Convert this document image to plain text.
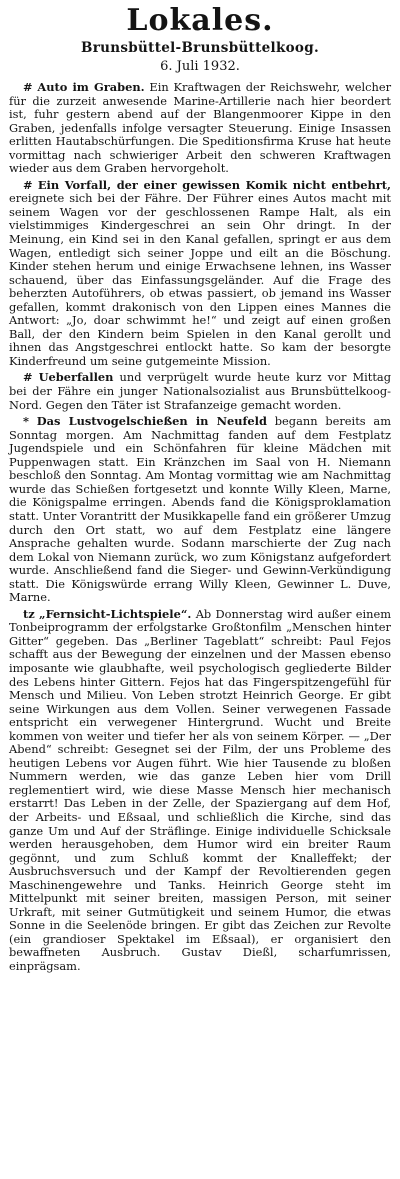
Lokales.
Brunsbüttel-Brunsbüttelkoog.
6. Juli 1932.

# Auto im Graben. Ein Kraftwagen der Reichswehr, welcher für die zurzeit anwesende Marine-Artillerie nach hier beordert ist, fuhr gestern abend auf der Blangenmoorer Kippe in den Graben, jedenfalls infolge versagter Steuerung. Einige Insassen erlitten Hautabschürfungen. Die Speditionsfirma Kruse hat heute vormittag nach schwieriger Arbeit den schweren Kraftwagen wieder aus dem Graben hervorgeholt.

# Ein Vorfall, der einer gewissen Komik nicht entbehrt, ereignete sich bei der Fähre. Der Führer eines Autos macht mit seinem Wagen vor der geschlossenen Rampe Halt, als ein vielstimmiges Kindergeschrei an sein Ohr dringt. In der Meinung, ein Kind sei in den Kanal gefallen, springt er aus dem Wagen, entledigt sich seiner Joppe und eilt an die Böschung. Kinder stehen herum und einige Erwachsene lehnen, ins Wasser schauend, über das Einfassungsgeländer. Auf die Frage des beherzten Autoführers, ob etwas passiert, ob jemand ins Wasser gefallen, kommt drakonisch von den Lippen eines Mannes die Antwort: „Jo, doar schwimmt he!“ und zeigt auf einen großen Ball, der den Kindern beim Spielen in den Kanal gerollt und ihnen das Angstgeschrei entlockt hatte. So kam der besorgte Kinderfreund um seine gutgemeinte Mission.

# Ueberfallen und verprügelt wurde heute kurz vor Mittag bei der Fähre ein junger Nationalsozialist aus Brunsbüttelkoog-Nord. Gegen den Täter ist Strafanzeige gemacht worden.

* Das Lustvogelschießen in Neufeld begann bereits am Sonntag morgen. Am Nachmittag fanden auf dem Festplatz Jugendspiele und ein Schönfahren für kleine Mädchen mit Puppenwagen statt. Ein Kränzchen im Saal von H. Niemann beschloß den Sonntag. Am Montag vormittag wie am Nachmittag wurde das Schießen fortgesetzt und konnte Willy Kleen, Marne, die Königspalme erringen. Abends fand die Königsproklamation statt. Unter Vorantritt der Musikkapelle fand ein größerer Umzug durch den Ort statt, wo auf dem Festplatz eine längere Ansprache gehalten wurde. Sodann marschierte der Zug nach dem Lokal von Niemann zurück, wo zum Königstanz aufgefordert wurde. Anschließend fand die Sieger- und Gewinn-Verkündigung statt. Die Königswürde errang Willy Kleen, Gewinner L. Duve, Marne.

tz „Fernsicht-Lichtspiele“. Ab Donnerstag wird außer einem Tonbeiprogramm der erfolgstarke Großtonfilm „Menschen hinter Gitter“ gegeben. Das „Berliner Tageblatt“ schreibt: Paul Fejos schafft aus der Bewegung der einzelnen und der Massen ebenso imposante wie glaubhafte, weil psychologisch gegliederte Bilder des Lebens hinter Gittern. Fejos hat das Fingerspitzengefühl für Mensch und Milieu. Von Leben strotzt Heinrich George. Er gibt seine Wirkungen aus dem Vollen. Seiner verwegenen Fassade entspricht ein verwegener Hintergrund. Wucht und Breite kommen von weiter und tiefer her als von seinem Körper. — „Der Abend“ schreibt: Gesegnet sei der Film, der uns Probleme des heutigen Lebens vor Augen führt. Wie hier Tausende zu bloßen Nummern werden, wie das ganze Leben hier vom Drill reglementiert wird, wie diese Masse Mensch hier mechanisch erstarrt! Das Leben in der Zelle, der Spaziergang auf dem Hof, der Arbeits- und Eßsaal, und schließlich die Kirche, sind das ganze Um und Auf der Sträflinge. Einige individuelle Schicksale werden herausgehoben, dem Humor wird ein breiter Raum gegönnt, und zum Schluß kommt der Knalleffekt; der Ausbruchsversuch und der Kampf der Revoltierenden gegen Maschinengewehre und Tanks. Heinrich George steht im Mittelpunkt mit seiner breiten, massigen Person, mit seiner Urkraft, mit seiner Gutmütigkeit und seinem Humor, die etwas Sonne in die Seelenöde bringen. Er gibt das Zeichen zur Revolte (ein grandioser Spektakel im Eßsaal), er organisiert den bewaffneten Ausbruch. Gustav Dießl, scharfumrissen, einprägsam.
